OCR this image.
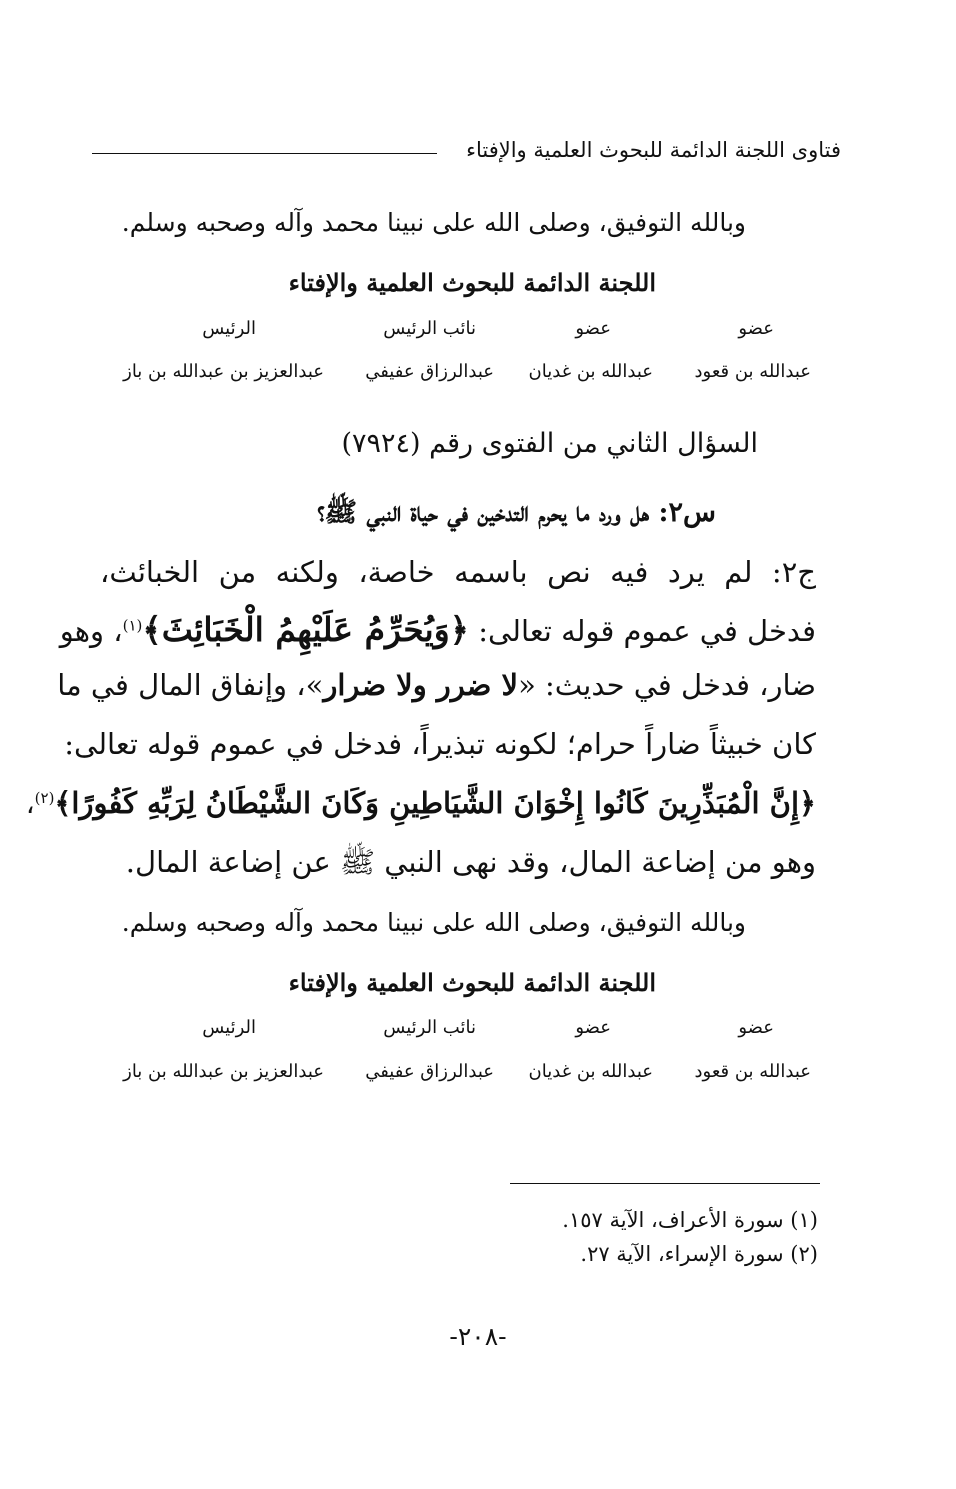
فتاوى اللجنة الدائمة للبحوث العلمية والإفتاء
وبالله التوفيق، وصلى الله على نبينا محمد وآله وصحبه وسلم.
اللجنة الدائمة للبحوث العلمية والإفتاء
عضو
عضو
نائب الرئيس
الرئيس
عبدالله بن قعود
عبدالله بن غديان
عبدالرزاق عفيفي
عبدالعزيز بن عبدالله بن باز
السؤال الثاني من الفتوى رقم (٧٩٢٤)
س٢: هل ورد ما يحرم التدخين في حياة النبي ﷺ؟
ج٢: لم يرد فيه نص باسمه خاصة، ولكنه من الخبائث،
فدخل في عموم قوله تعالى: ﴿وَيُحَرِّمُ عَلَيْهِمُ الْخَبَائِثَ﴾$^{(١)}$، وهو
ضار، فدخل في حديث: «لا ضرر ولا ضرار»، وإنفاق المال في ما
كان خبيثاً ضاراً حرام؛ لكونه تبذيراً، فدخل في عموم قوله تعالى:
﴿إِنَّ الْمُبَذِّرِينَ كَانُوا إِخْوَانَ الشَّيَاطِينِ وَكَانَ الشَّيْطَانُ لِرَبِّهِ كَفُورًا﴾$^{(٢)}$،
وهو من إضاعة المال، وقد نهى النبي ﷺ عن إضاعة المال.
وبالله التوفيق، وصلى الله على نبينا محمد وآله وصحبه وسلم.
اللجنة الدائمة للبحوث العلمية والإفتاء
عضو
عضو
نائب الرئيس
الرئيس
عبدالله بن قعود
عبدالله بن غديان
عبدالرزاق عفيفي
عبدالعزيز بن عبدالله بن باز
(١) سورة الأعراف، الآية ١٥٧.
(٢) سورة الإسراء، الآية ٢٧.
-٢٠٨-
